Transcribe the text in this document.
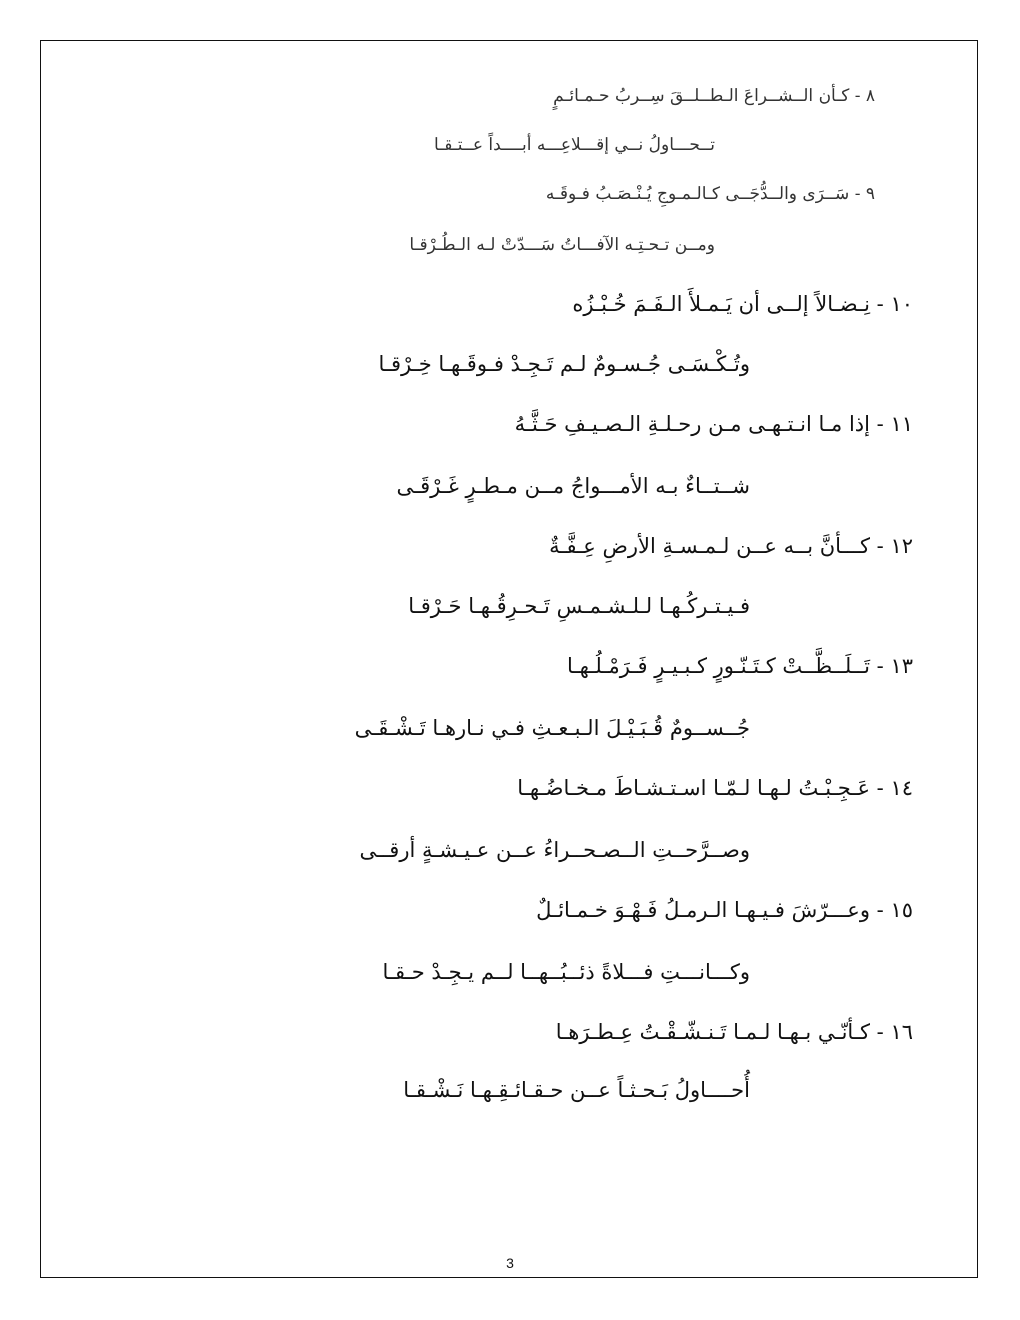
٨ - كـأن الــشــراعَ الـطــلــقَ سِــربُ حـمـائـمٍ
تــحـــاولُ نــي إقـــلاعِـــه أبــــداً عــتـقـا
٩ - سَــرَى والــدُّجَــى كـالـمـوجِ يُـنْـصَـبُ فـوقَـه
ومــن تـحـتِـه الآفـــاتُ سَـــدّتْ لـه الـطُـرْقـا
١٠ - نِـضـالاً إلــى أن يَـمـلأَ الـفَـمَ خُـبْـزُه
وتُـكْـسَـى جُـسـومٌ لـم تَـجِـدْ فـوقَـهـا خِـرْقـا
١١ - إذا مـا انـتـهـى مـن رحـلـةِ الـصـيـفِ حَـثَّـهُ
شــتــاءٌ بـه الأمـــواجُ مــن مـطـرٍ غَـرْقَـى
١٢ - كـــأنَّ بــه عــن لـمـسـةِ الأرضِ عِـفَّـةٌ
فـيـتـركُـهـا لـلـشـمـسِ تَـحـرِقُـهـا حَـرْقـا
١٣ - تَــلَــظَّــتْ كـتَـنّـورٍ كـبـيـرٍ فَـرَمْـلُـهـا
جُــســومٌ قُـبَـيْـلَ الـبـعـثِ فـي نـارهـا تَـشْـقَـى
١٤ - عَـجِـبْـتُ لـهـا لـمّـا اسـتـشـاطَ مـخـاضُـهـا
وصــرَّحــتِ الــصـحــراءُ عــن عـيـشـةٍ أرقــى
١٥ - وعـــرّشَ فـيـهـا الـرمـلُ فَـهْـوَ خـمـائـلٌ
وكـــانـــتِ فـــلاةً ذئــبُــهــا لــم يـجِـدْ حـقـا
١٦ - كـأنّـي بـهـا لـمـا تَـنـشّـقْـتُ عِـطـرَهـا
أُحــــاولُ بَـحـثـاً عــن حـقـائـقِـهـا نَـشْـقـا
3
